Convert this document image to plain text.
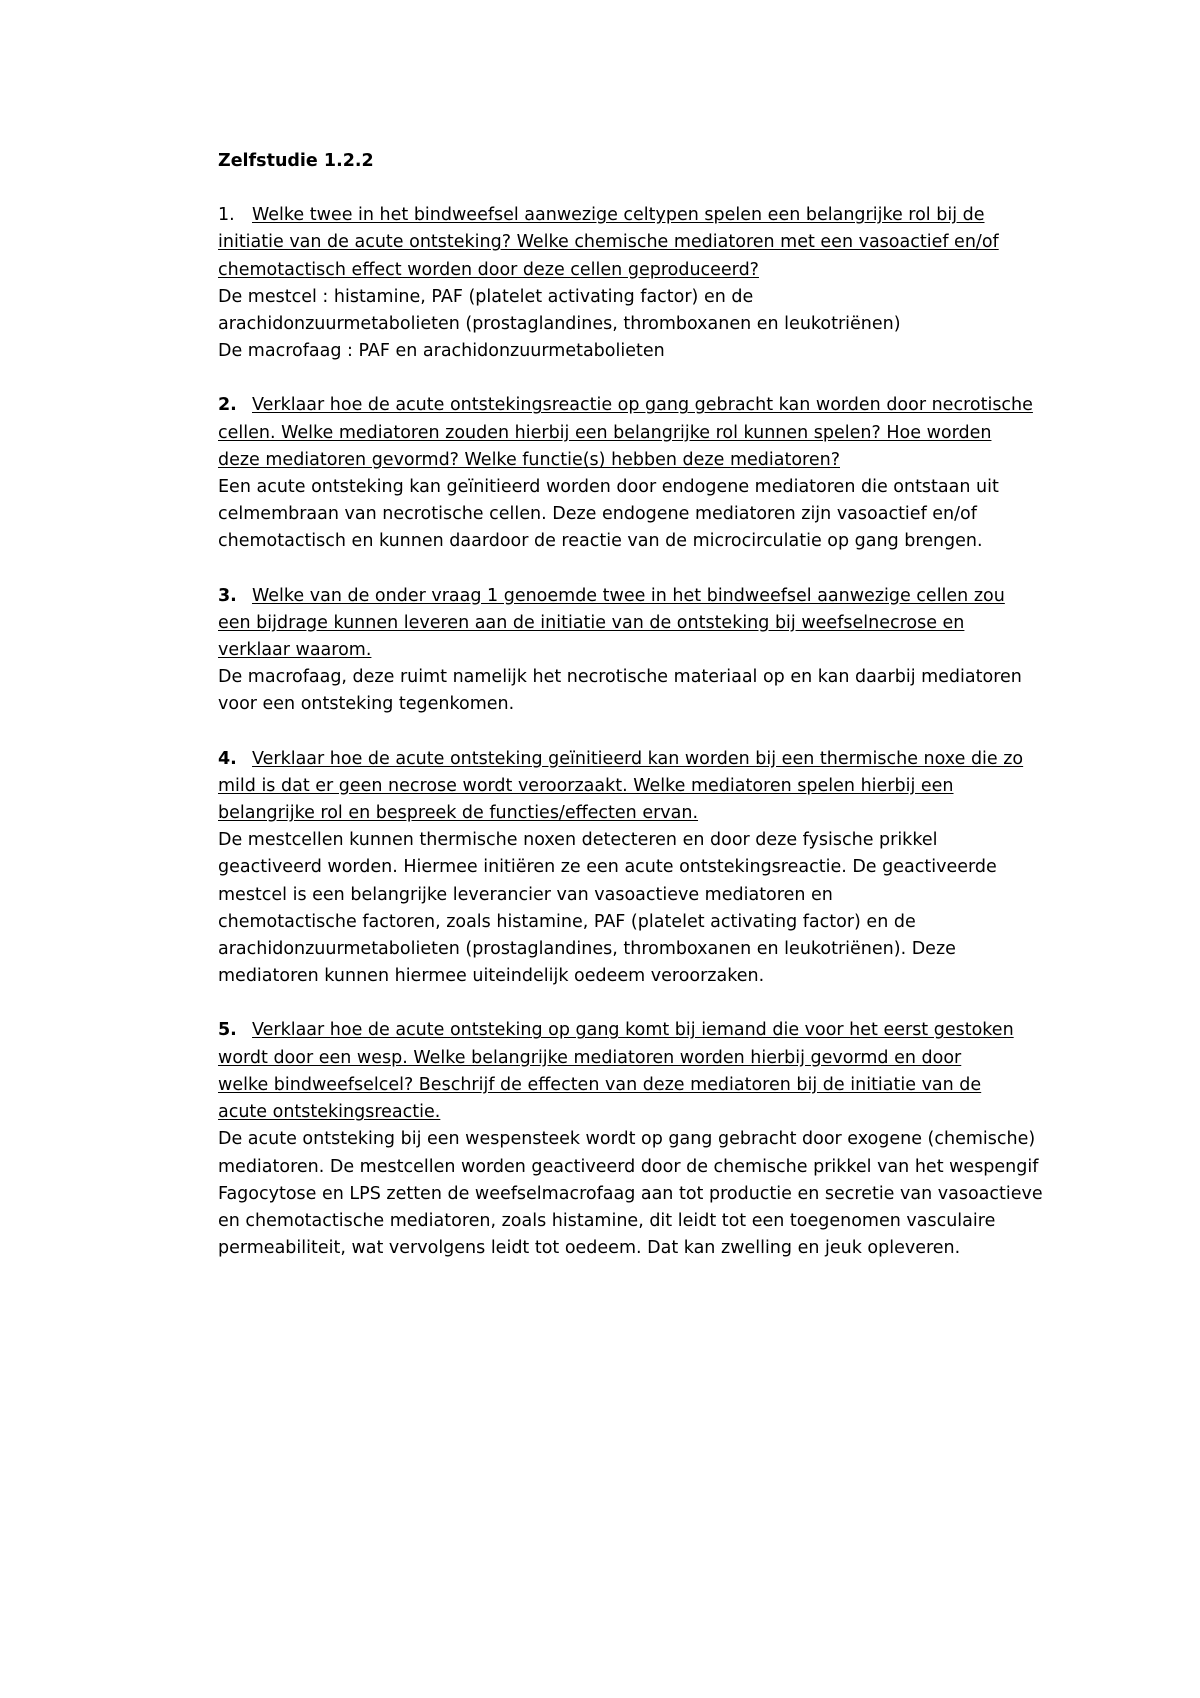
Zelfstudie 1.2.2
1. Welke twee in het bindweefsel aanwezige celtypen spelen een belangrijke rol bij de
initiatie van de acute ontsteking? Welke chemische mediatoren met een vasoactief en/of
chemotactisch effect worden door deze cellen geproduceerd?
De mestcel : histamine, PAF (platelet activating factor) en de
arachidonzuurmetabolieten (prostaglandines, thromboxanen en leukotriënen)
De macrofaag : PAF en arachidonzuurmetabolieten
2. Verklaar hoe de acute ontstekingsreactie op gang gebracht kan worden door necrotische
cellen. Welke mediatoren zouden hierbij een belangrijke rol kunnen spelen? Hoe worden
deze mediatoren gevormd? Welke functie(s) hebben deze mediatoren?
Een acute ontsteking kan geïnitieerd worden door endogene mediatoren die ontstaan uit
celmembraan van necrotische cellen. Deze endogene mediatoren zijn vasoactief en/of
chemotactisch en kunnen daardoor de reactie van de microcirculatie op gang brengen.
3. Welke van de onder vraag 1 genoemde twee in het bindweefsel aanwezige cellen zou
een bijdrage kunnen leveren aan de initiatie van de ontsteking bij weefselnecrose en
verklaar waarom.
De macrofaag, deze ruimt namelijk het necrotische materiaal op en kan daarbij mediatoren
voor een ontsteking tegenkomen.
4. Verklaar hoe de acute ontsteking geïnitieerd kan worden bij een thermische noxe die zo
mild is dat er geen necrose wordt veroorzaakt. Welke mediatoren spelen hierbij een
belangrijke rol en bespreek de functies/effecten ervan.
De mestcellen kunnen thermische noxen detecteren en door deze fysische prikkel
geactiveerd worden. Hiermee initiëren ze een acute ontstekingsreactie. De geactiveerde
mestcel is een belangrijke leverancier van vasoactieve mediatoren en
chemotactische factoren, zoals histamine, PAF (platelet activating factor) en de
arachidonzuurmetabolieten (prostaglandines, thromboxanen en leukotriënen). Deze
mediatoren kunnen hiermee uiteindelijk oedeem veroorzaken.
5. Verklaar hoe de acute ontsteking op gang komt bij iemand die voor het eerst gestoken
wordt door een wesp. Welke belangrijke mediatoren worden hierbij gevormd en door
welke bindweefselcel? Beschrijf de effecten van deze mediatoren bij de initiatie van de
acute ontstekingsreactie.
De acute ontsteking bij een wespensteek wordt op gang gebracht door exogene (chemische)
mediatoren. De mestcellen worden geactiveerd door de chemische prikkel van het wespengif
Fagocytose en LPS zetten de weefselmacrofaag aan tot productie en secretie van vasoactieve
en chemotactische mediatoren, zoals histamine, dit leidt tot een toegenomen vasculaire
permeabiliteit, wat vervolgens leidt tot oedeem. Dat kan zwelling en jeuk opleveren.
